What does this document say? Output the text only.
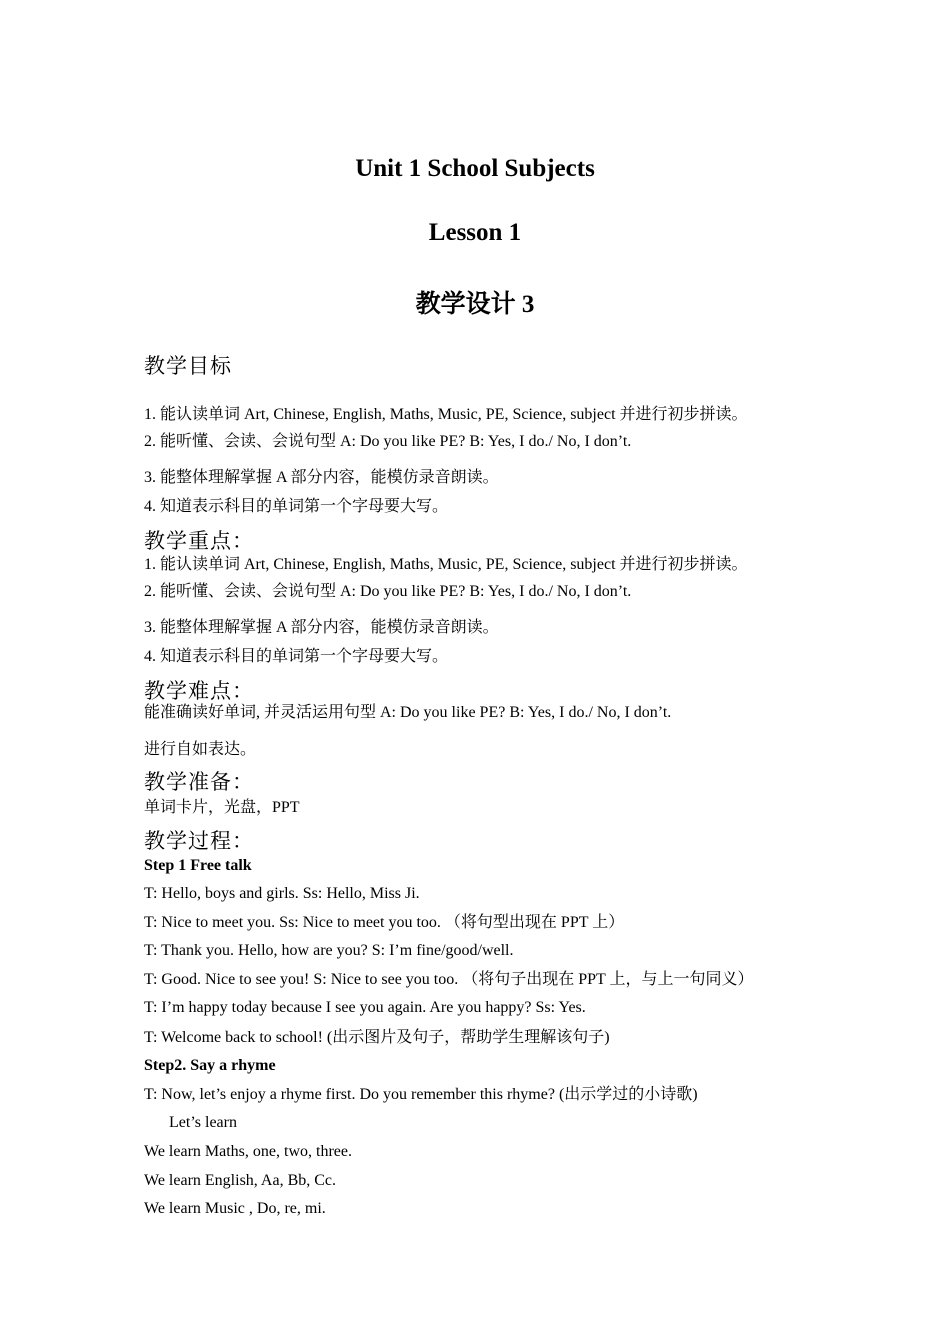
Unit 1 School Subjects
Lesson 1
教学设计 3
教学目标
1. 能认读单词 Art, Chinese, English, Maths, Music, PE, Science, subject 并进行初步拼读。
2. 能听懂、会读、会说句型 A: Do you like PE? B: Yes, I do./ No, I don’t.
3. 能整体理解掌握 A 部分内容，能模仿录音朗读。
4. 知道表示科目的单词第一个字母要大写。
教学重点：
1. 能认读单词 Art, Chinese, English, Maths, Music, PE, Science, subject 并进行初步拼读。
2. 能听懂、会读、会说句型 A: Do you like PE? B: Yes, I do./ No, I don’t.
3. 能整体理解掌握 A 部分内容，能模仿录音朗读。
4. 知道表示科目的单词第一个字母要大写。
教学难点：
能准确读好单词, 并灵活运用句型 A: Do you like PE? B: Yes, I do./ No, I don’t.
进行自如表达。
教学准备：
单词卡片，光盘，PPT
教学过程：
Step 1 Free talk
T: Hello, boys and girls. Ss: Hello, Miss Ji.
T: Nice to meet you. Ss: Nice to meet you too. （将句型出现在 PPT 上）
T: Thank you. Hello, how are you? S: I’m fine/good/well.
T: Good. Nice to see you! S: Nice to see you too. （将句子出现在 PPT 上，与上一句同义）
T: I’m happy today because I see you again. Are you happy? Ss: Yes.
T: Welcome back to school! (出示图片及句子，帮助学生理解该句子)
Step2. Say a rhyme
T: Now, let’s enjoy a rhyme first. Do you remember this rhyme? (出示学过的小诗歌)
Let’s learn
We learn Maths, one, two, three.
We learn English, Aa, Bb, Cc.
We learn Music , Do, re, mi.
